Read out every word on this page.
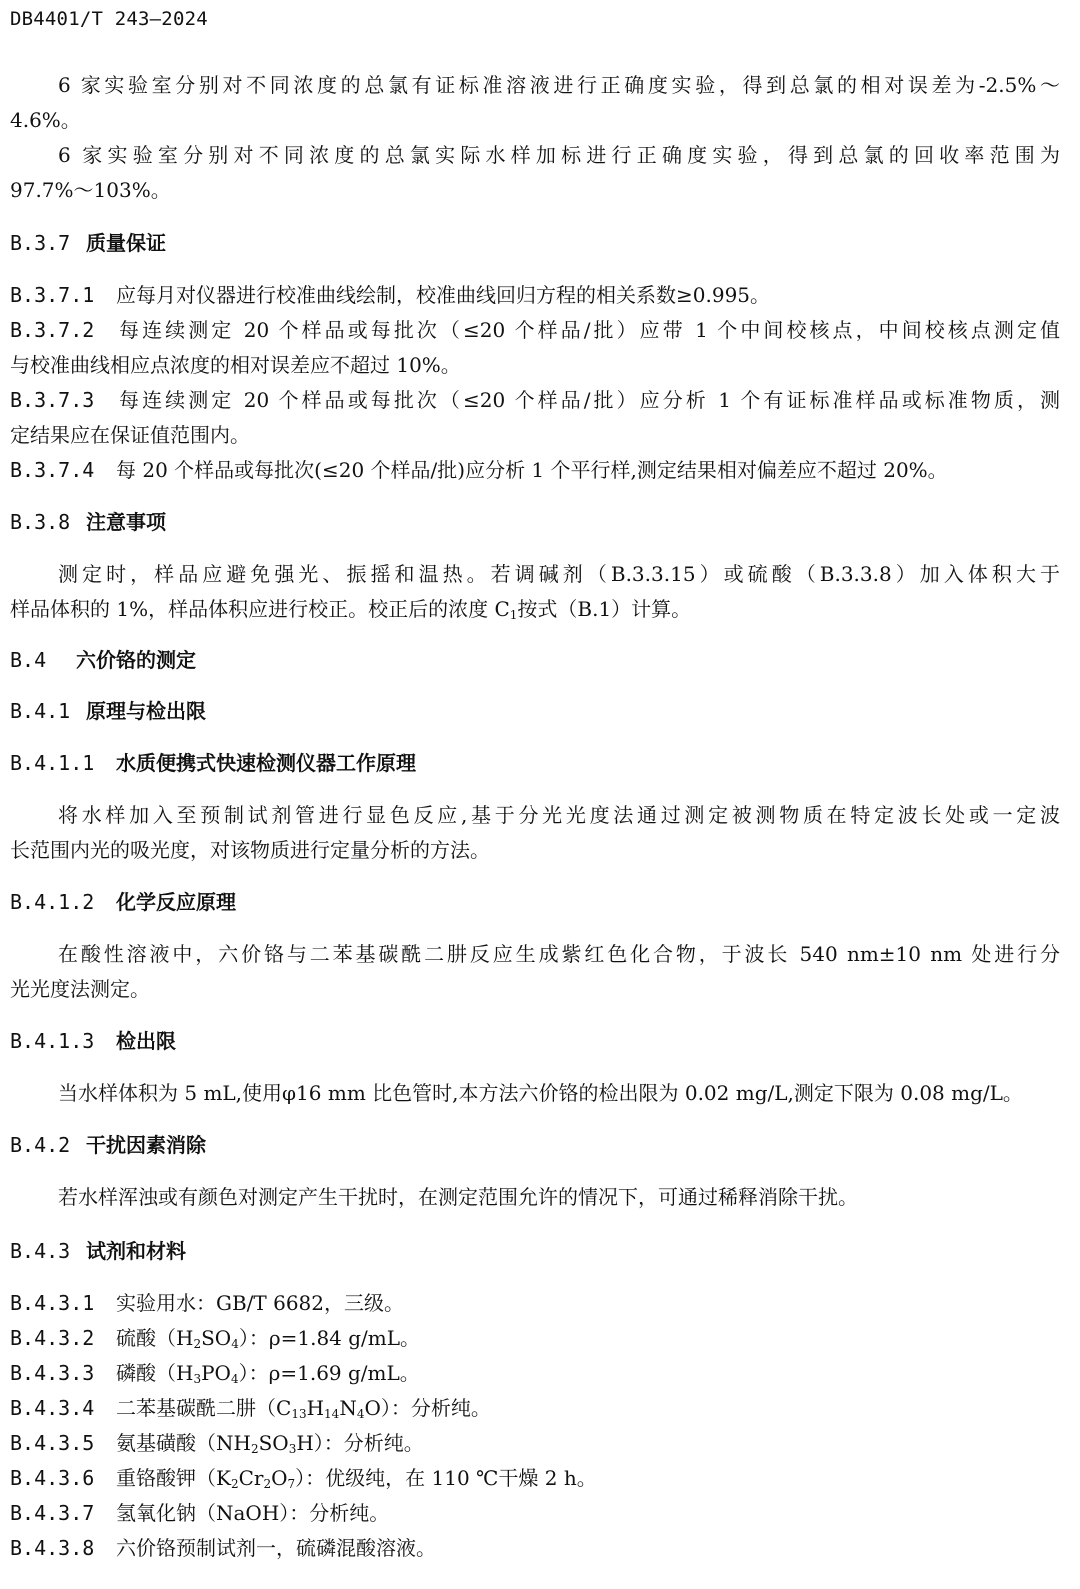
DB4401/T 243—2024
6 家实验室分别对不同浓度的总氯有证标准溶液进行正确度实验，得到总氯的相对误差为-2.5%～
4.6%。
6 家实验室分别对不同浓度的总氯实际水样加标进行正确度实验，得到总氯的回收率范围为
97.7%～103%。
B.3.7 质量保证
B.3.7.1 应每月对仪器进行校准曲线绘制，校准曲线回归方程的相关系数≥0.995。
B.3.7.2 每连续测定 20 个样品或每批次（≤20 个样品/批）应带 1 个中间校核点，中间校核点测定值
与校准曲线相应点浓度的相对误差应不超过 10%。
B.3.7.3 每连续测定 20 个样品或每批次（≤20 个样品/批）应分析 1 个有证标准样品或标准物质，测
定结果应在保证值范围内。
B.3.7.4 每 20 个样品或每批次(≤20 个样品/批)应分析 1 个平行样,测定结果相对偏差应不超过 20%。
B.3.8 注意事项
测定时，样品应避免强光、振摇和温热。若调碱剂（B.3.3.15）或硫酸（B.3.3.8）加入体积大于
样品体积的 1%，样品体积应进行校正。校正后的浓度 $C_1$按式（B.1）计算。
B.4 六价铬的测定
B.4.1 原理与检出限
B.4.1.1 水质便携式快速检测仪器工作原理
将水样加入至预制试剂管进行显色反应,基于分光光度法通过测定被测物质在特定波长处或一定波
长范围内光的吸光度，对该物质进行定量分析的方法。
B.4.1.2 化学反应原理
在酸性溶液中，六价铬与二苯基碳酰二肼反应生成紫红色化合物，于波长 540 nm±10 nm 处进行分
光光度法测定。
B.4.1.3 检出限
当水样体积为 5 mL,使用φ16 mm 比色管时,本方法六价铬的检出限为 0.02 mg/L,测定下限为 0.08 mg/L。
B.4.2 干扰因素消除
若水样浑浊或有颜色对测定产生干扰时，在测定范围允许的情况下，可通过稀释消除干扰。
B.4.3 试剂和材料
B.4.3.1 实验用水：GB/T 6682，三级。
B.4.3.2 硫酸$(H_2SO_4)$：ρ=1.84 g/mL。
B.4.3.3 磷酸$(H_3PO_4)$：ρ=1.69 g/mL。
B.4.3.4 二苯基碳酰二肼$(C_{13}H_{14}N_4O)$：分析纯。
B.4.3.5 氨基磺酸$(NH_2SO_3H)$：分析纯。
B.4.3.6 重铬酸钾$(K_2Cr_2O_7)$：优级纯，在 110 ℃干燥 2 h。
B.4.3.7 氢氧化钠（NaOH）：分析纯。
B.4.3.8 六价铬预制试剂一，硫磷混酸溶液。
